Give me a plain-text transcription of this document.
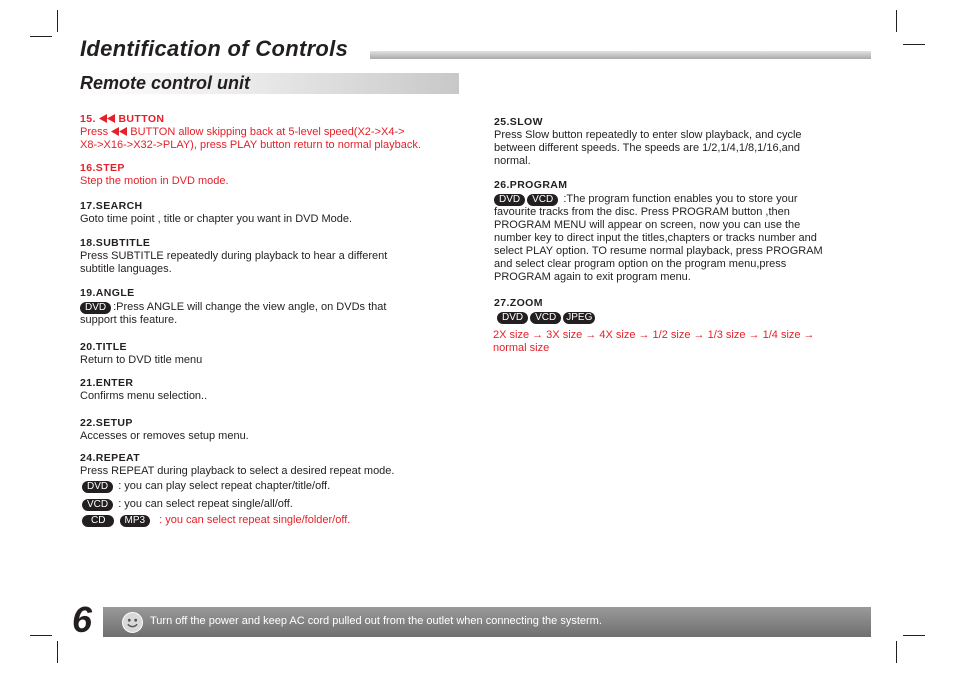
Identification of Controls
Remote control unit
15. BUTTON
Press  BUTTON allow skipping back at 5-level speed(X2->X4->
X8->X16->X32->PLAY), press PLAY button return to normal playback.
16.STEP
Step the motion in DVD mode.
17.SEARCH
Goto time point , title or chapter you want in DVD Mode.
18.SUBTITLE
Press SUBTITLE repeatedly during playback to hear a different
subtitle languages.
19.ANGLE
DVD :Press ANGLE will change the view angle, on DVDs that
support this feature.
20.TITLE
Return to DVD title menu
21.ENTER
Confirms menu selection..
22.SETUP
Accesses or removes setup menu.
24.REPEAT
Press REPEAT during playback to select a desired repeat mode.
DVD : you can play select repeat chapter/title/off.
VCD : you can select repeat single/all/off.
CD MP3 : you can select repeat single/folder/off.
25.SLOW
Press Slow button repeatedly to enter slow playback, and cycle
between different speeds. The speeds are 1/2,1/4,1/8,1/16,and
normal.
26.PROGRAM
DVD VCD :The program function enables you to store your
favourite tracks from the disc. Press PROGRAM button ,then
PROGRAM MENU will appear on screen, now you can use the
number key to direct input the titles,chapters or tracks number and
select PLAY option. TO resume normal playback, press PROGRAM
and select clear program option on the program menu,press
PROGRAM again to exit program menu.
27.ZOOM
DVD VCD JPEG
2X size → 3X size → 4X size → 1/2 size → 1/3 size → 1/4 size →
normal size
6	Turn off the power and keep AC cord pulled out from the outlet when connecting the systerm.
